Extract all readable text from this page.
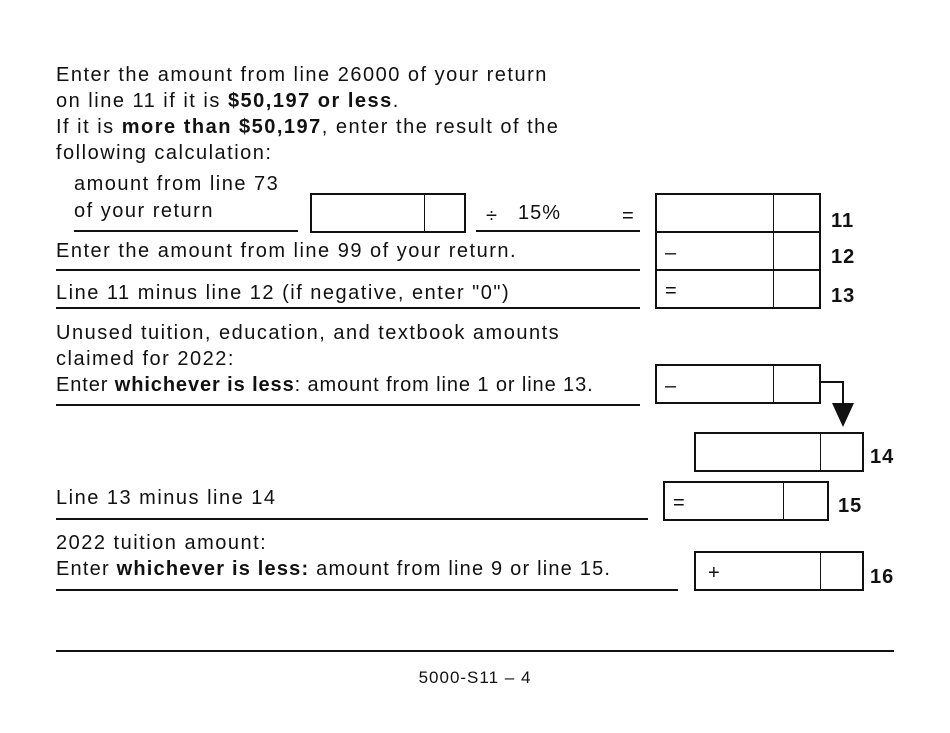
Enter the amount from line 26000 of your return
on line 11 if it is $50,197 or less.
If it is more than $50,197, enter the result of the
following calculation:
amount from line 73
of your return	÷ 15%	=	11
Enter the amount from line 99 of your return.	–	12
Line 11 minus line 12 (if negative, enter "0")	=	13
Unused tuition, education, and textbook amounts
claimed for 2022:
Enter whichever is less: amount from line 1 or line 13.	–
14
Line 13 minus line 14	=	15
2022 tuition amount:
Enter whichever is less: amount from line 9 or line 15.	+	16
5000-S11 – 4
